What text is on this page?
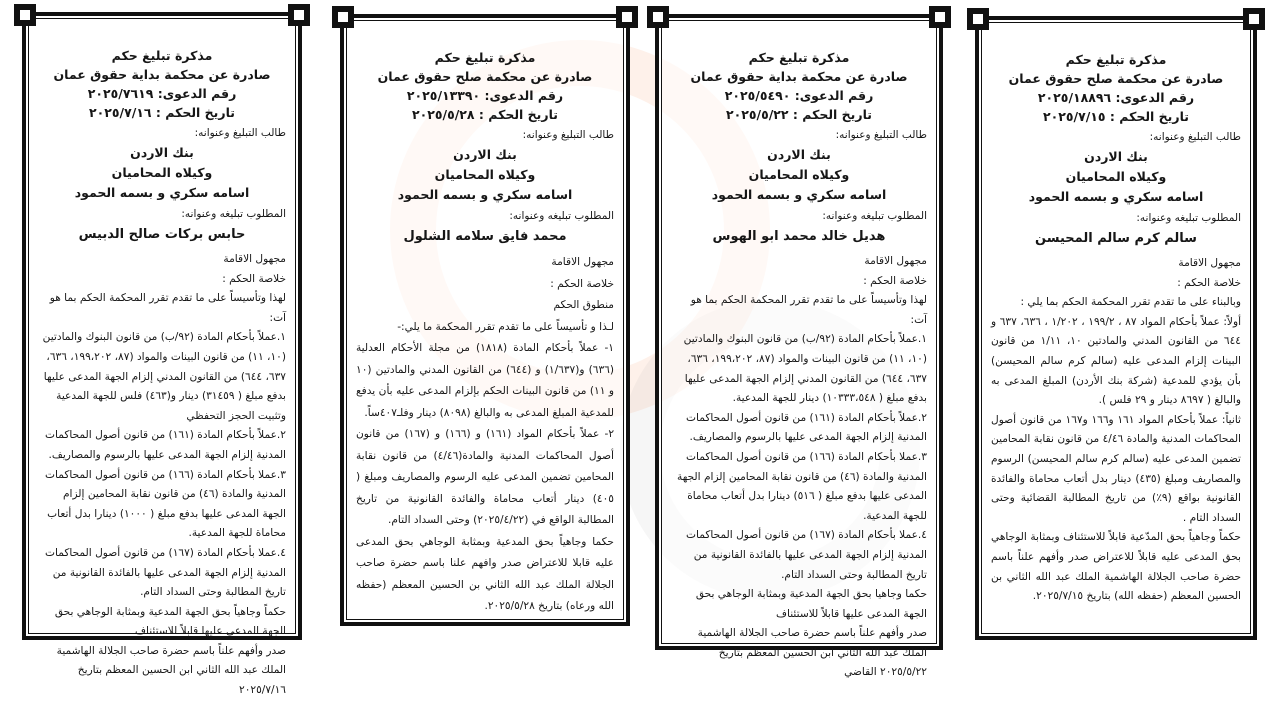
مذكرة تبليغ حكم
صادرة عن محكمة بداية حقوق عمان
رقم الدعوى: ٢٠٢٥/٧٦١٩
تاريخ الحكم : ٢٠٢٥/٧/١٦
طالب التبليغ وعنوانه:
بنك الاردن
وكيلاه المحاميان
اسامه سكري و بسمه الحمود
المطلوب تبليغه وعنوانه:
حابس بركات صالح الدبيس

مجهول الاقامة

خلاصة الحكم :

لهذا وتأسيساً على ما تقدم تقرر المحكمة الحكم بما هو آت:

١.عملاً بأحكام المادة (٩٢/ب) من قانون البنوك والمادتين (١٠، ١١) من قانون البينات والمواد (٨٧، ١٩٩،٢٠٢، ٦٣٦، ٦٣٧، ٦٤٤) من القانون المدني إلزام الجهة المدعى عليها بدفع مبلغ ( ٣١٤٥٩) دينار و(٤٦٣) فلس للجهة المدعية وتثبيت الحجز التحفظي

٢.عملاً بأحكام المادة (١٦١) من قانون أصول المحاكمات المدنية إلزام الجهة المدعى عليها بالرسوم والمصاريف.

٣.عملا بأحكام المادة (١٦٦) من قانون أصول المحاكمات المدنية والمادة (٤٦) من قانون نقابة المحامين إلزام الجهة المدعى عليها بدفع مبلغ ( ١٠٠٠) دينارا بدل أتعاب محاماة للجهة المدعية.

٤.عملا بأحكام المادة (١٦٧) من قانون أصول المحاكمات المدنية إلزام الجهة المدعى عليها بالفائدة القانونية من تاريخ المطالبة وحتى السداد التام.

حكماً وجاهياً بحق الجهة المدعية وبمثابة الوجاهي بحق الجهة المدعى عليها قابلاً للاستئناف

صدر وأفهم علناً باسم حضرة صاحب الجلالة الهاشمية الملك عبد الله الثاني ابن الحسين المعظم بتاريخ ٢٠٢٥/٧/١٦

مذكرة تبليغ حكم
صادرة عن محكمة صلح حقوق عمان
رقم الدعوى: ٢٠٢٥/١٣٣٩٠
تاريخ الحكم : ٢٠٢٥/٥/٢٨
طالب التبليغ وعنوانه:
بنك الاردن
وكيلاه المحاميان
اسامه سكري و بسمه الحمود
المطلوب تبليغه وعنوانه:
محمد فايق سلامه الشلول

مجهول الاقامة

خلاصة الحكم :

منطوق الحكم

لـذا و تأسيساً على ما تقدم تقرر المحكمة ما يلي:-

١- عملاً بأحكام المادة (١٨١٨) من مجلة الأحكام العدلية (٦٣٦) و(١/٦٣٧) و (٦٤٤) من القانون المدني والمادتين (١٠ و ١١) من قانون البينات الحكم بإلزام المدعى عليه بأن يدفع للمدعية المبلغ المدعى به والبالغ (٨٠٩٨) دينار وفلـ٤٠٧ساً.

٢- عملاً بأحكام المواد (١٦١) و (١٦٦) و (١٦٧) من قانون أصول المحاكمات المدنية والمادة(٤/٤٦) من قانون نقابة المحامين تضمين المدعى عليه الرسوم والمصاريف ومبلغ ( ٤٠٥) دينار أتعاب محاماة والفائدة القانونية من تاريخ المطالبة الواقع في (٢٠٢٥/٤/٢٢) وحتى السداد التام.

حكما وجاهياً بحق المدعية وبمثابة الوجاهي بحق المدعى عليه قابلا للاعتراض صدر وافهم علنا باسم حضرة صاحب الجلالة الملك عبد الله الثاني بن الحسين المعظم (حفظه الله ورعاه) بتاريخ ٢٠٢٥/٥/٢٨.

مذكرة تبليغ حكم
صادرة عن محكمة بداية حقوق عمان
رقم الدعوى: ٢٠٢٥/٥٤٩٠
تاريخ الحكم : ٢٠٢٥/٥/٢٢
طالب التبليغ وعنوانه:
بنك الاردن
وكيلاه المحاميان
اسامه سكري و بسمه الحمود
المطلوب تبليغه وعنوانه:
هديل خالد محمد ابو الهوس

مجهول الاقامة

خلاصة الحكم :

لهذا وتأسيساً على ما تقدم تقرر المحكمة الحكم بما هو آت:

١.عملاً بأحكام المادة (٩٢/ب) من قانون البنوك والمادتين (١٠، ١١) من قانون البينات والمواد (٨٧، ١٩٩،٢٠٢، ٦٣٦، ٦٣٧، ٦٤٤) من القانون المدني إلزام الجهة المدعى عليها بدفع مبلغ ( ١٠٣٣٣،٥٤٨) دينار للجهة المدعية.

٢.عملاً بأحكام المادة (١٦١) من قانون أصول المحاكمات المدنية إلزام الجهة المدعى عليها بالرسوم والمصاريف.

٣.عملا بأحكام المادة (١٦٦) من قانون أصول المحاكمات المدنية والمادة (٤٦) من قانون نقابة المحامين إلزام الجهة المدعى عليها بدفع مبلغ ( ٥١٦) دينارا بدل أتعاب محاماة للجهة المدعية.

٤.عملا بأحكام المادة (١٦٧) من قانون أصول المحاكمات المدنية إلزام الجهة المدعى عليها بالفائدة القانونية من تاريخ المطالبة وحتى السداد التام.

حكما وجاهيا بحق الجهة المدعية وبمثابة الوجاهي بحق الجهة المدعى عليها قابلاً للاستئناف

صدر وأفهم علناً باسم حضرة صاحب الجلالة الهاشمية الملك عبد الله الثاني ابن الحسين المعظم بتاريخ ٢٠٢٥/٥/٢٢ القاضي

مذكرة تبليغ حكم
صادرة عن محكمة صلح حقوق عمان
رقم الدعوى: ٢٠٢٥/١٨٨٩٦
تاريخ الحكم : ٢٠٢٥/٧/١٥
طالب التبليغ وعنوانه:
بنك الاردن
وكيلاه المحاميان
اسامه سكري و بسمه الحمود
المطلوب تبليغه وعنوانه:
سالم كرم سالم المحيسن

مجهول الاقامة

خلاصة الحكم :

وبالبناء على ما تقدم تقرر المحكمة الحكم بما يلي :

أولاً: عملاً بأحكام المواد ٨٧ ، ١٩٩/٢ ، ١/٢٠٢ ، ٦٣٦، ٦٣٧ و ٦٤٤ من القانون المدني والمادتين ١٠، ١/١١ من قانون البينات إلزام المدعى عليه (سالم كرم سالم المحيسن) بأن يؤدي للمدعية (شركة بنك الأردن) المبلغ المدعى به والبالغ ( ٨٦٩٧ دينار و ٢٩ فلس ).

ثانياً: عملاً بأحكام المواد ١٦١ و١٦٦ و١٦٧ من قانون أصول المحاكمات المدنية والمادة ٤/٤٦ من قانون نقابة المحامين تضمين المدعى عليه (سالم كرم سالم المحيسن) الرسوم والمصاريف ومبلغ (٤٣٥) دينار بدل أتعاب محاماة والفائدة القانونية بواقع (٩٪) من تاريخ المطالبة القضائية وحتى السداد التام .

حكماً وجاهياً بحق المدّعية قابلاً للاستئناف وبمثابة الوجاهي بحق المدعى عليه قابلاً للاعتراض صدر وأفهم علناً باسم حضرة صاحب الجلالة الهاشمية الملك عبد الله الثاني بن الحسين المعظم (حفظه الله) بتاريخ ٢٠٢٥/٧/١٥.
